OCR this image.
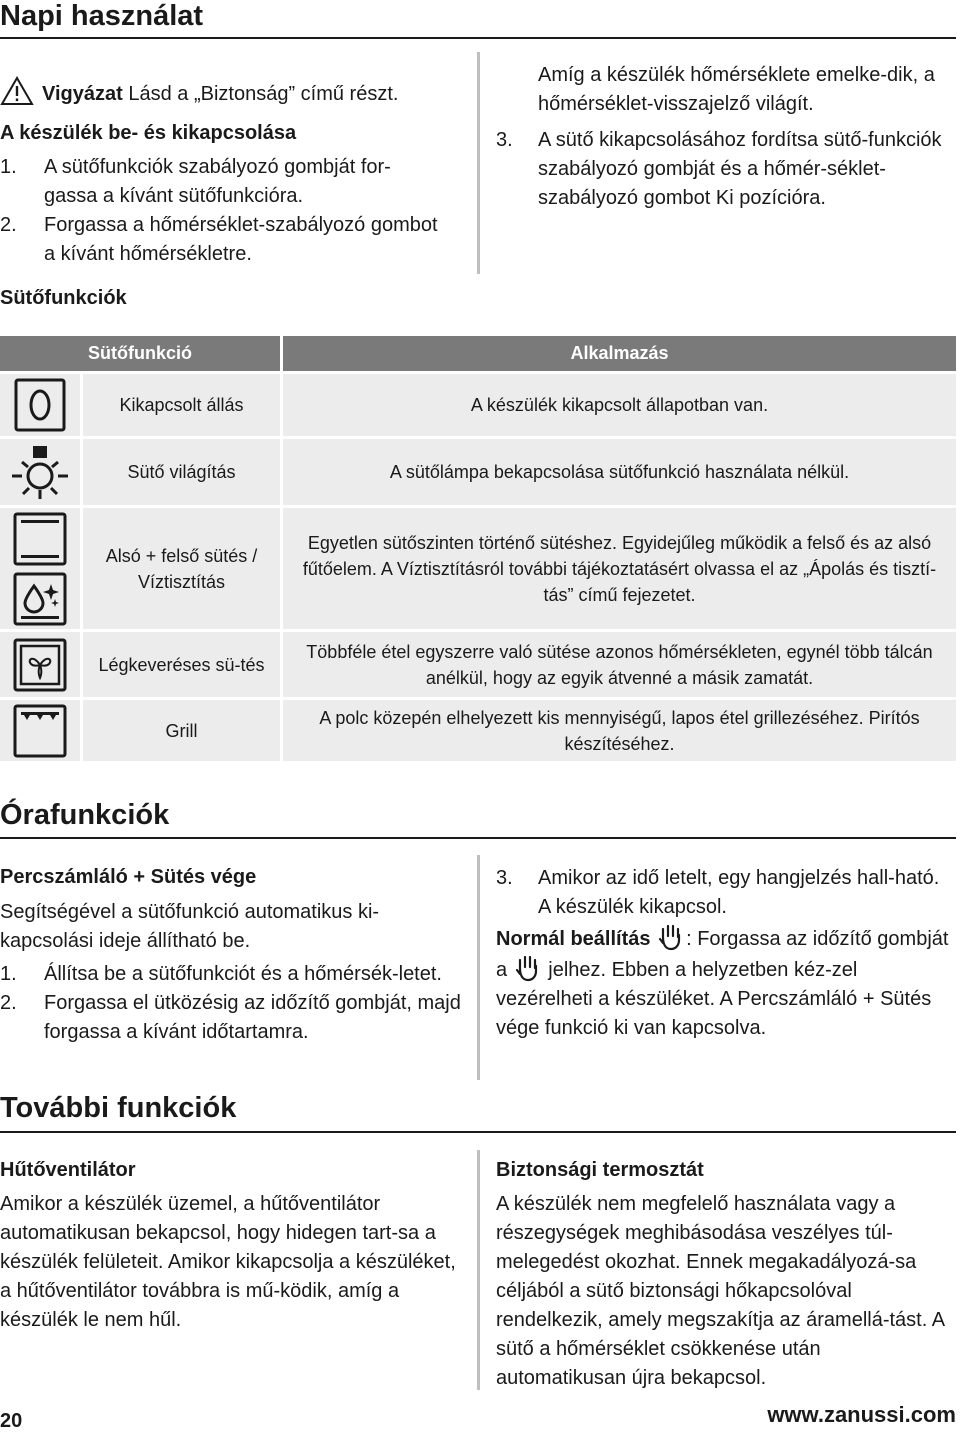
Napi használat
Vigyázat Lásd a „Biztonság” című részt.
A készülék be- és kikapcsolása
1. A sütőfunkciók szabályozó gombját for-gassa a kívánt sütőfunkcióra.
2. Forgassa a hőmérséklet-szabályozó gombot a kívánt hőmérsékletre.
Amíg a készülék hőmérséklete emelke-dik, a hőmérséklet-visszajelző világít.
3. A sütő kikapcsolásához fordítsa sütő-funkciók szabályozó gombját és a hőmér-séklet-szabályozó gombot Ki pozícióra.
Sütőfunkciók
Sütőfunkció		Alkalmazás

	Kikapcsolt állás	A készülék kikapcsolt állapotban van.

	Sütő világítás	A sütőlámpa bekapcsolása sütőfunkció használata nélkül.

	Alsó + felső sütés / Víztisztítás	Egyetlen sütőszinten történő sütéshez. Egyidejűleg működik a felső és az alsó fűtőelem. A Víztisztításról további tájékoztatásért olvassa el az „Ápolás és tisztí-tás” című fejezetet.

	Légkeveréses sü-tés	Többféle étel egyszerre való sütése azonos hőmérsékleten, egynél több tálcán anélkül, hogy az egyik átvenné a másik zamatát.

	Grill	A polc közepén elhelyezett kis mennyiségű, lapos étel grillezéséhez. Pirítós készítéséhez.
Órafunkciók
Percszámláló + Sütés vége
Segítségével a sütőfunkció automatikus ki-kapcsolási ideje állítható be.
1. Állítsa be a sütőfunkciót és a hőmérsék-letet.
2. Forgassa el ütközésig az időzítő gombját, majd forgassa a kívánt időtartamra.
3. Amikor az idő letelt, egy hangjelzés hall-ható. A készülék kikapcsol.
Normál beállítás : Forgassa az időzítő gombját a jelhez. Ebben a helyzetben kéz-zel vezérelheti a készüléket. A Percszámláló + Sütés vége funkció ki van kapcsolva.
További funkciók
Hűtőventilátor
Amikor a készülék üzemel, a hűtőventilátor automatikusan bekapcsol, hogy hidegen tart-sa a készülék felületeit. Amikor kikapcsolja a készüléket, a hűtőventilátor továbbra is mű-ködik, amíg a készülék le nem hűl.
Biztonsági termosztát
A készülék nem megfelelő használata vagy a részegységek meghibásodása veszélyes túl-melegedést okozhat. Ennek megakadályozá-sa céljából a sütő biztonsági hőkapcsolóval rendelkezik, amely megszakítja az áramellá-tást. A sütő a hőmérséklet csökkenése után automatikusan újra bekapcsol.
20	www.zanussi.com
